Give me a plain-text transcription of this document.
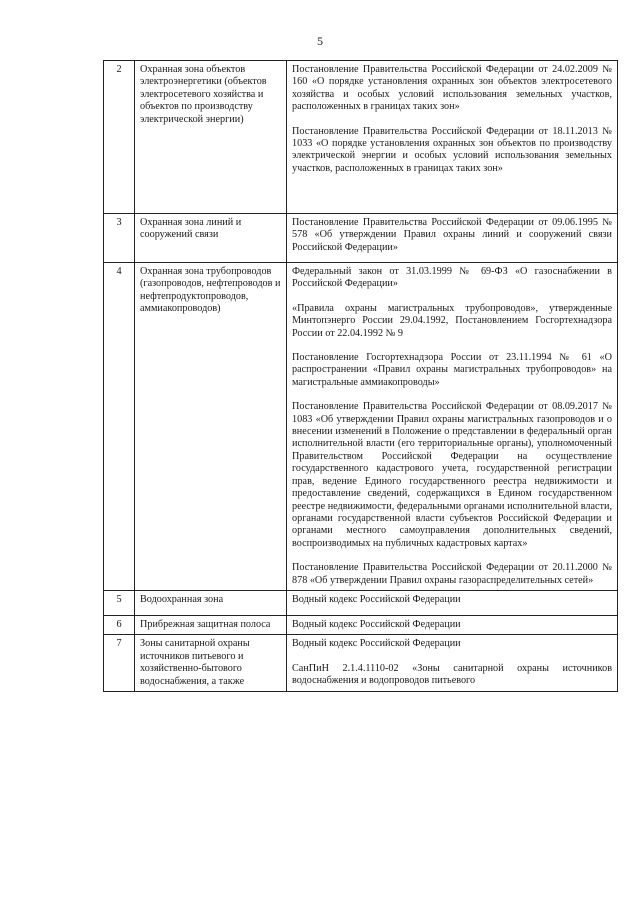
5
2	Охранная зона объектов электроэнергетики (объектов электросетевого хозяйства и объектов по производству электрической энергии)	Постановление Правительства Российской Федерации от 24.02.2009 № 160 «О порядке установления охранных зон объектов электросетевого хозяйства и особых условий использования земельных участков, расположенных в границах таких зон»

Постановление Правительства Российской Федерации от 18.11.2013 № 1033 «О порядке установления охранных зон объектов по производству электрической энергии и особых условий использования земельных участков, расположенных в границах таких зон»

3	Охранная зона линий и сооружений связи	Постановление Правительства Российской Федерации от 09.06.1995 № 578 «Об утверждении Правил охраны линий и сооружений связи Российской Федерации»

4	Охранная зона трубопроводов (газопроводов, нефтепроводов и нефтепродуктопроводов, аммиакопроводов)	Федеральный закон от 31.03.1999 № 69-ФЗ «О газоснабжении в Российской Федерации»

«Правила охраны магистральных трубопроводов», утвержденные Минтопэнерго России 29.04.1992, Постановлением Госгортехнадзора России от 22.04.1992 № 9

Постановление Госгортехнадзора России от 23.11.1994 № 61 «О распространении «Правил охраны магистральных трубопроводов» на магистральные аммиакопроводы»

Постановление Правительства Российской Федерации от 08.09.2017 № 1083 «Об утверждении Правил охраны магистральных газопроводов и о внесении изменений в Положение о представлении в федеральный орган исполнительной власти (его территориальные органы), уполномоченный Правительством Российской Федерации на осуществление государственного кадастрового учета, государственной регистрации прав, ведение Единого государственного реестра недвижимости и предоставление сведений, содержащихся в Едином государственном реестре недвижимости, федеральными органами исполнительной власти, органами государственной власти субъектов Российской Федерации и органами местного самоуправления дополнительных сведений, воспроизводимых на публичных кадастровых картах»

Постановление Правительства Российской Федерации от 20.11.2000 № 878 «Об утверждении Правил охраны газораспределительных сетей»

5	Водоохранная зона	Водный кодекс Российской Федерации

6	Прибрежная защитная полоса	Водный кодекс Российской Федерации

7	Зоны санитарной охраны источников питьевого и хозяйственно-бытового водоснабжения, а также	Водный кодекс Российской Федерации

СанПиН 2.1.4.1110-02 «Зоны санитарной охраны источников водоснабжения и водопроводов питьевого
